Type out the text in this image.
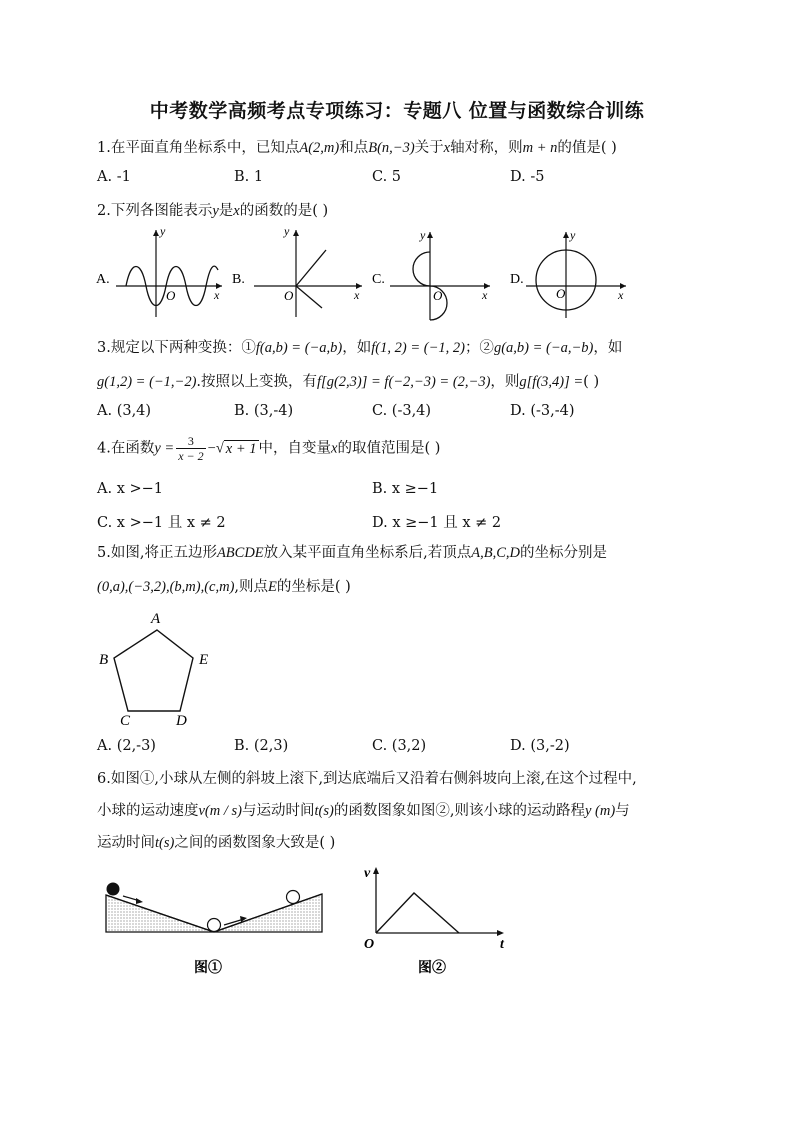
中考数学高频考点专项练习：专题八 位置与函数综合训练
1.在平面直角坐标系中，已知点A(2,m)和点B(n,−3)关于x轴对称，则m + n的值是( )
A. -1	B. 1	C. 5	D. -5
2.下列各图能表示y是x的函数的是( )
A.
y
x
O
B.
y
x
O
C.
y
x
O
D.
y
x
O
3.规定以下两种变换：①f(a,b) = (−a,b)，如f(1, 2) = (−1, 2)；②g(a,b) = (−a,−b)，如
g(1,2) = (−1,−2).按照以上变换，有f[g(2,3)] = f(−2,−3) = (2,−3)，则g[f(3,4)] =( )
A. (3,4)	B. (3,-4)	C. (-3,4)	D. (-3,-4)
4.在函数$y = \frac{3}{x - 2}$ −√ x + 1 中，自变量x的取值范围是( )
A. x >−1	B. x ≥−1
C. x >−1 且 x ≠ 2	D. x ≥−1 且 x ≠ 2
5.如图,将正五边形ABCDE放入某平面直角坐标系后,若顶点A,B,C,D的坐标分别是
(0,a),(−3,2),(b,m),(c,m),则点E的坐标是( )
A
B
C	D
E
A. (2,-3)	B. (2,3)	C. (3,2)	D. (3,-2)
6.如图①,小球从左侧的斜坡上滚下,到达底端后又沿着右侧斜坡向上滚,在这个过程中,
小球的运动速度v(m / s)与运动时间t(s)的函数图象如图②,则该小球的运动路程y (m)与
运动时间t(s)之间的函数图象大致是( )
图①
v
t
O
图②
